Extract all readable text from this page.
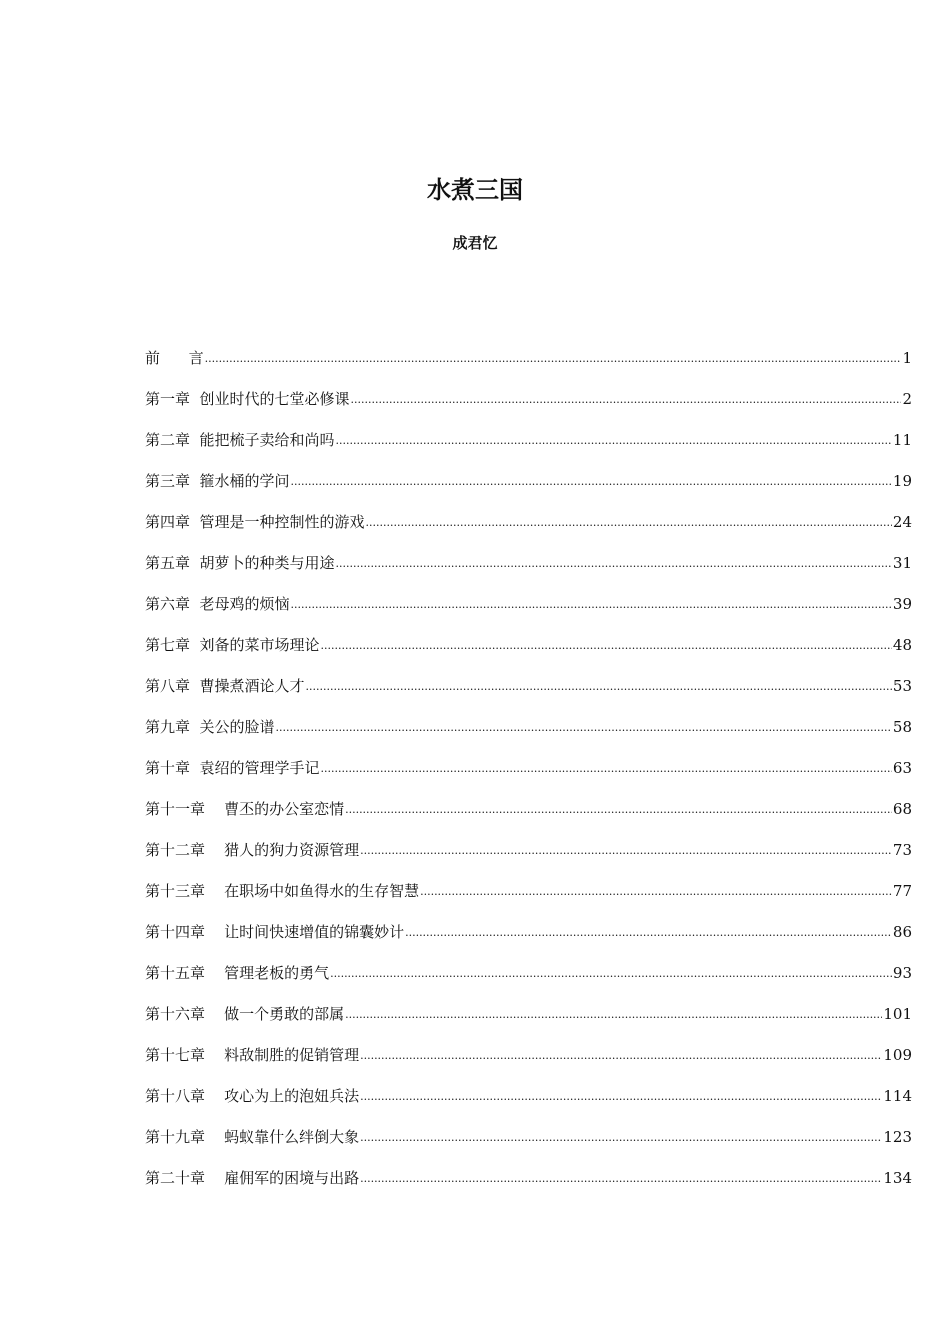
水煮三国
成君忆
前      言 .....	1
第一章  创业时代的七堂必修课 .....	2
第二章  能把梳子卖给和尚吗 .....	11
第三章  箍水桶的学问 .....	19
第四章  管理是一种控制性的游戏 .....	24
第五章  胡萝卜的种类与用途 .....	31
第六章  老母鸡的烦恼 .....	39
第七章  刘备的菜市场理论 .....	48
第八章  曹操煮酒论人才 .....	53
第九章  关公的脸谱 .....	58
第十章  袁绍的管理学手记 .....	63
第十一章    曹丕的办公室恋情 .....	68
第十二章    猎人的狗力资源管理 .....	73
第十三章    在职场中如鱼得水的生存智慧 .....	77
第十四章    让时间快速增值的锦囊妙计 .....	86
第十五章    管理老板的勇气 .....	93
第十六章    做一个勇敢的部属 .....	101
第十七章    料敌制胜的促销管理 .....	109
第十八章    攻心为上的泡妞兵法 .....	114
第十九章    蚂蚁靠什么绊倒大象 .....	123
第二十章    雇佣军的困境与出路 .....	134
